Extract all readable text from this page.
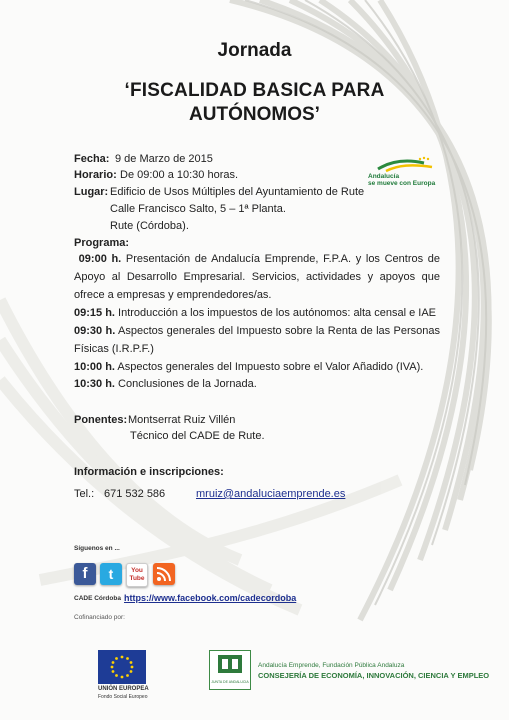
Jornada
‘FISCALIDAD BASICA PARA
AUTÓNOMOS’
Fecha: 9 de Marzo de 2015
Horario: De 09:00 a 10:30 horas.
Lugar: Edificio de Usos Múltiples del Ayuntamiento de Rute
Calle Francisco Salto, 5 – 1ª Planta.
Rute (Córdoba).
Andalucía
se mueve con Europa
Programa:
09:00 h. Presentación de Andalucía Emprende, F.P.A. y los Centros de Apoyo al Desarrollo Empresarial. Servicios, actividades y apoyos que ofrece a empresas y emprendedores/as.
09:15 h. Introducción a los impuestos de los autónomos: alta censal e IAE
09:30 h. Aspectos generales del Impuesto sobre la Renta de las Personas Físicas (I.R.P.F.)
10:00 h. Aspectos generales del Impuesto sobre el Valor Añadido (IVA).
10:30 h. Conclusiones de la Jornada.
Ponentes: Montserrat Ruiz Villén
Técnico del CADE de Rute.
Información e inscripciones:
Tel.: 671 532 586	mruiz@andaluciaemprende.es
Síguenos en ...
f	t	You Tube
CADE Córdoba https://www.facebook.com/cadecordoba
Cofinanciado por:
UNIÓN EUROPEA
Fondo Social Europeo
JUNTA DE ANDALUCIA
Andalucía Emprende, Fundación Pública Andaluza
CONSEJERÍA DE ECONOMÍA, INNOVACIÓN, CIENCIA Y EMPLEO
